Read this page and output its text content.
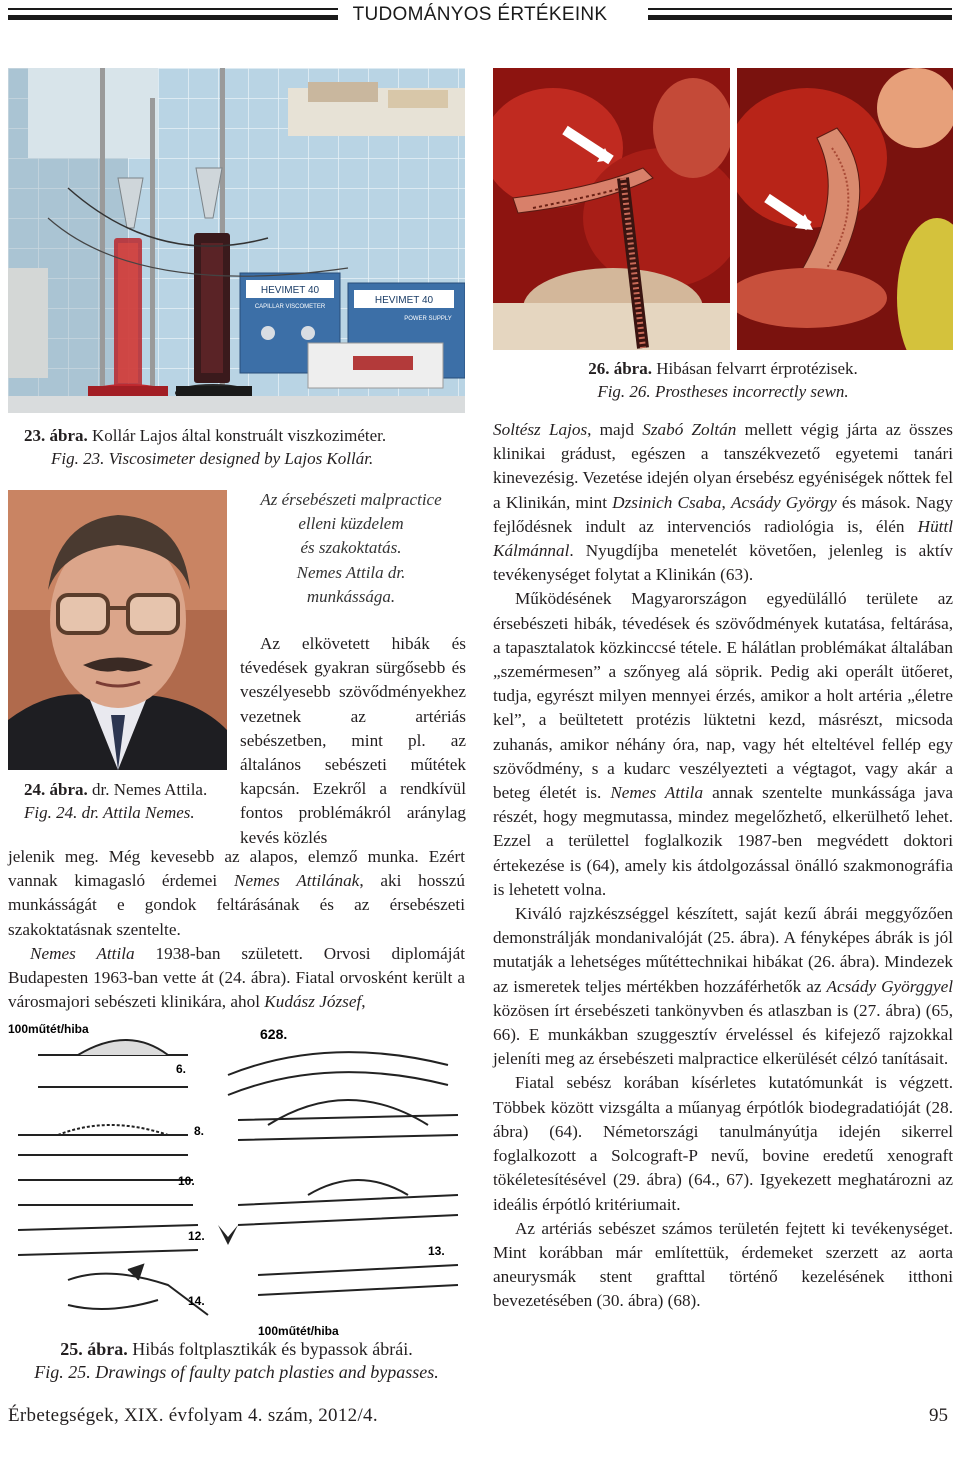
TUDOMÁNYOS ÉRTÉKEINK
HEVIMET 40
CAPILLAR VISCOMETER
HEVIMET 40
POWER SUPPLY
23. ábra. Kollár Lajos által konstruált viszkoziméter.
Fig. 23. Viscosimeter designed by Lajos Kollár.
26. ábra. Hibásan felvarrt érprotézisek.
Fig. 26. Prostheses incorrectly sewn.
24. ábra. dr. Nemes Attila.
Fig. 24. dr. Attila Nemes.
Az érsebészeti malpractice
elleni küzdelem
és szakoktatás.
Nemes Attila dr.
munkássága.
Az elkövetett hibák és tévedések gyakran sürgősebb és veszélyesebb szövődményekhez vezetnek az artériás sebészetben, mint pl. az általános sebészeti műtétek kapcsán. Ezekről a rendkívül fontos problémákról aránylag kevés közlés

jelenik meg. Még kevesebb az alapos, elemző munka. Ezért vannak kimagasló érdemei Nemes Attilának, aki hosszú munkásságát e gondok feltárásának és az érsebészeti szakoktatásnak szentelte.

Nemes Attila 1938-ban született. Orvosi diplomáját Budapesten 1963-ban vette át (24. ábra). Fiatal orvosként került a városmajori sebészeti klinikára, ahol Kudász József,

100műtét/hiba	628.
100műtét/hiba
6.
8.
10.
12.
14.
13.
25. ábra. Hibás foltplasztikák és bypassok ábrái.
Fig. 25. Drawings of faulty patch plasties and bypasses.

Soltész Lajos, majd Szabó Zoltán mellett végig járta az összes klinikai grádust, egészen a tanszékvezető egyetemi tanári kinevezésig. Vezetése idején olyan érsebész egyéniségek nőttek fel a Klinikán, mint Dzsinich Csaba, Acsády György és mások. Nagy fejlődésnek indult az intervenciós radiológia is, élén Hüttl Kálmánnal. Nyugdíjba menetelét követően, jelenleg is aktív tevékenységet folytat a Klinikán (63).

Működésének Magyarországon egyedülálló területe az érsebészeti hibák, tévedések és szövődmények kutatása, feltárása, a tapasztalatok közkinccsé tétele. E hálátlan problémákat általában „szemérmesen” a szőnyeg alá söprik. Pedig aki operált ütőeret, tudja, egyrészt milyen mennyei érzés, amikor a holt artéria „életre kel”, a beültetett protézis lüktetni kezd, másrészt, micsoda zuhanás, amikor néhány óra, nap, vagy hét elteltével fellép egy szövődmény, s a kudarc veszélyezteti a végtagot, vagy akár a beteg életét is. Nemes Attila annak szentelte munkássága java részét, hogy megmutassa, mindez megelőzhető, elkerülhető lehet. Ezzel a területtel foglalkozik 1987-ben megvédett doktori értekezése is (64), amely kis átdolgozással önálló szakmonográfia is lehetett volna.

Kiváló rajzkészséggel készített, saját kezű ábrái meggyőzően demonstrálják mondanivalóját (25. ábra). A fényképes ábrák is jól mutatják a lehetséges műtéttechnikai hibákat (26. ábra). Mindezek az ismeretek teljes mértékben hozzáférhetők az Acsády Györggyel közösen írt érsebészeti tankönyvben és atlaszban is (27. ábra) (65, 66). E munkákban szuggesztív érveléssel és kifejező rajzokkal jeleníti meg az érsebészeti malpractice elkerülését célzó tanításait.

Fiatal sebész korában kísérletes kutatómunkát is végzett. Többek között vizsgálta a műanyag érpótlók biodegradatióját (28. ábra) (64). Németországi tanulmányútja idején sikerrel foglalkozott a Solcograft-P nevű, bovine eredetű xenograft tökéletesítésével (29. ábra) (64., 67). Igyekezett meghatározni az ideális érpótló kritériumait.

Az artériás sebészet számos területén fejtett ki tevékenységet. Mint korábban már említettük, érdemeket szerzett az aorta aneurysmák stent grafttal történő kezelésének itthoni bevezetésében (30. ábra) (68).

Érbetegségek, XIX. évfolyam 4. szám, 2012/4.	95
